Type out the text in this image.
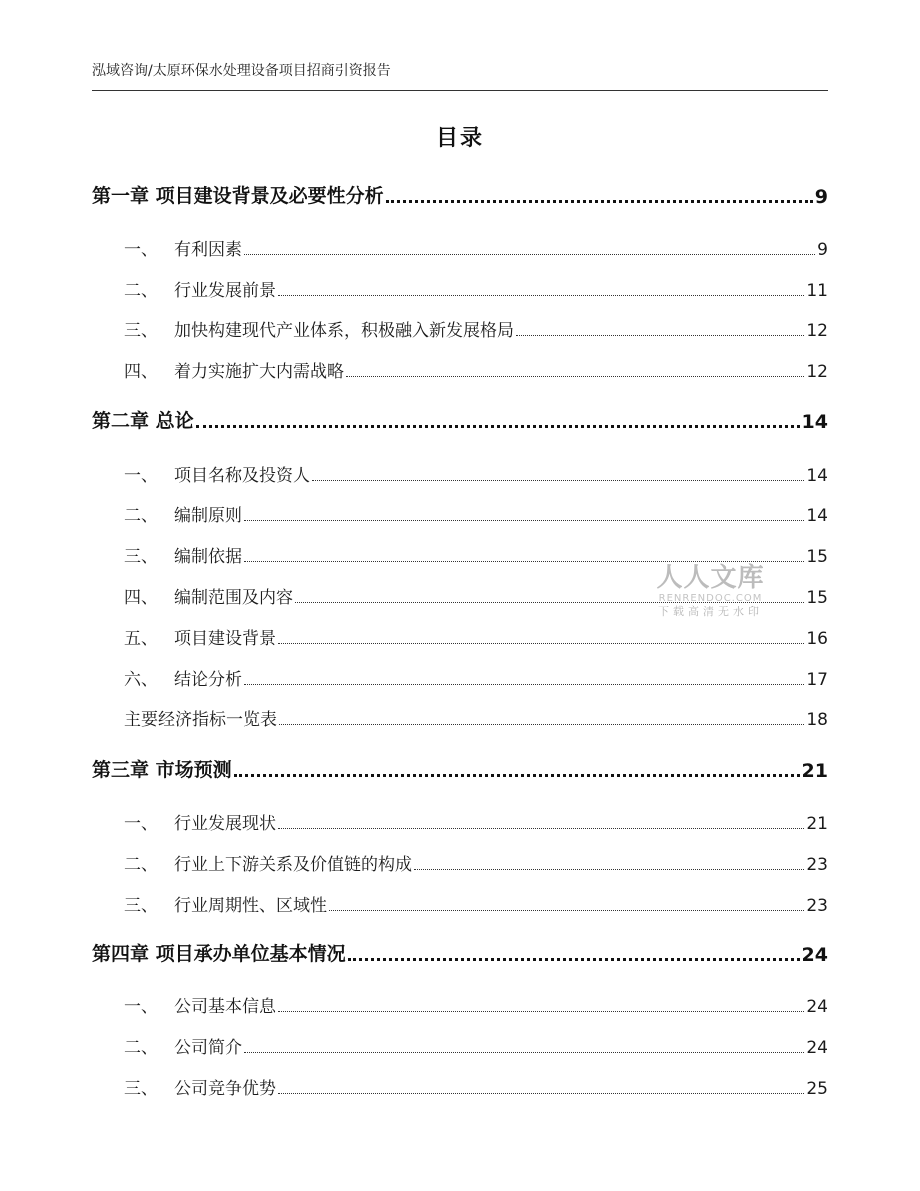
泓域咨询/太原环保水处理设备项目招商引资报告
目录
第一章 项目建设背景及必要性分析	9
一、 有利因素	9
二、 行业发展前景	11
三、 加快构建现代产业体系，积极融入新发展格局	12
四、 着力实施扩大内需战略	12
第二章 总论	14
一、 项目名称及投资人	14
二、 编制原则	14
三、 编制依据	15
四、 编制范围及内容	15
五、 项目建设背景	16
六、 结论分析	17
主要经济指标一览表	18
第三章 市场预测	21
一、 行业发展现状	21
二、 行业上下游关系及价值链的构成	23
三、 行业周期性、区域性	23
第四章 项目承办单位基本情况	24
一、 公司基本信息	24
二、 公司简介	24
三、 公司竞争优势	25
人人文库
RENRENDOC.COM
下载高清无水印
